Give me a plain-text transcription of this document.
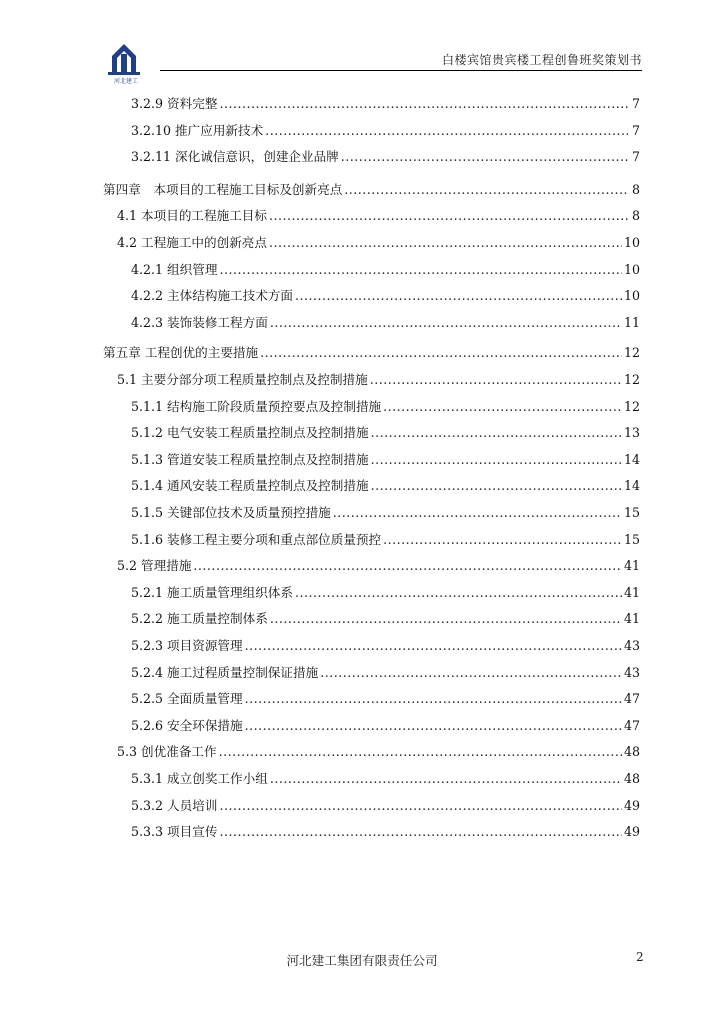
河北建工
白楼宾馆贵宾楼工程创鲁班奖策划书
3.2.9 资料完整 .....	7
3.2.10 推广应用新技术 .....	7
3.2.11 深化诚信意识，创建企业品牌 .....	7
第四章　本项目的工程施工目标及创新亮点 .....	8
4.1 本项目的工程施工目标 .....	8
4.2 工程施工中的创新亮点 .....	10
4.2.1 组织管理 .....	10
4.2.2 主体结构施工技术方面 .....	10
4.2.3 装饰装修工程方面 .....	11
第五章 工程创优的主要措施 .....	12
5.1 主要分部分项工程质量控制点及控制措施 .....	12
5.1.1 结构施工阶段质量预控要点及控制措施 .....	12
5.1.2 电气安装工程质量控制点及控制措施 .....	13
5.1.3 管道安装工程质量控制点及控制措施 .....	14
5.1.4 通风安装工程质量控制点及控制措施 .....	14
5.1.5 关键部位技术及质量预控措施 .....	15
5.1.6 装修工程主要分项和重点部位质量预控 .....	15
5.2 管理措施 .....	41
5.2.1 施工质量管理组织体系 .....	41
5.2.2 施工质量控制体系 .....	41
5.2.3 项目资源管理 .....	43
5.2.4 施工过程质量控制保证措施 .....	43
5.2.5 全面质量管理 .....	47
5.2.6 安全环保措施 .....	47
5.3 创优准备工作 .....	48
5.3.1 成立创奖工作小组 .....	48
5.3.2 人员培训 .....	49
5.3.3 项目宣传 .....	49
河北建工集团有限责任公司	2
